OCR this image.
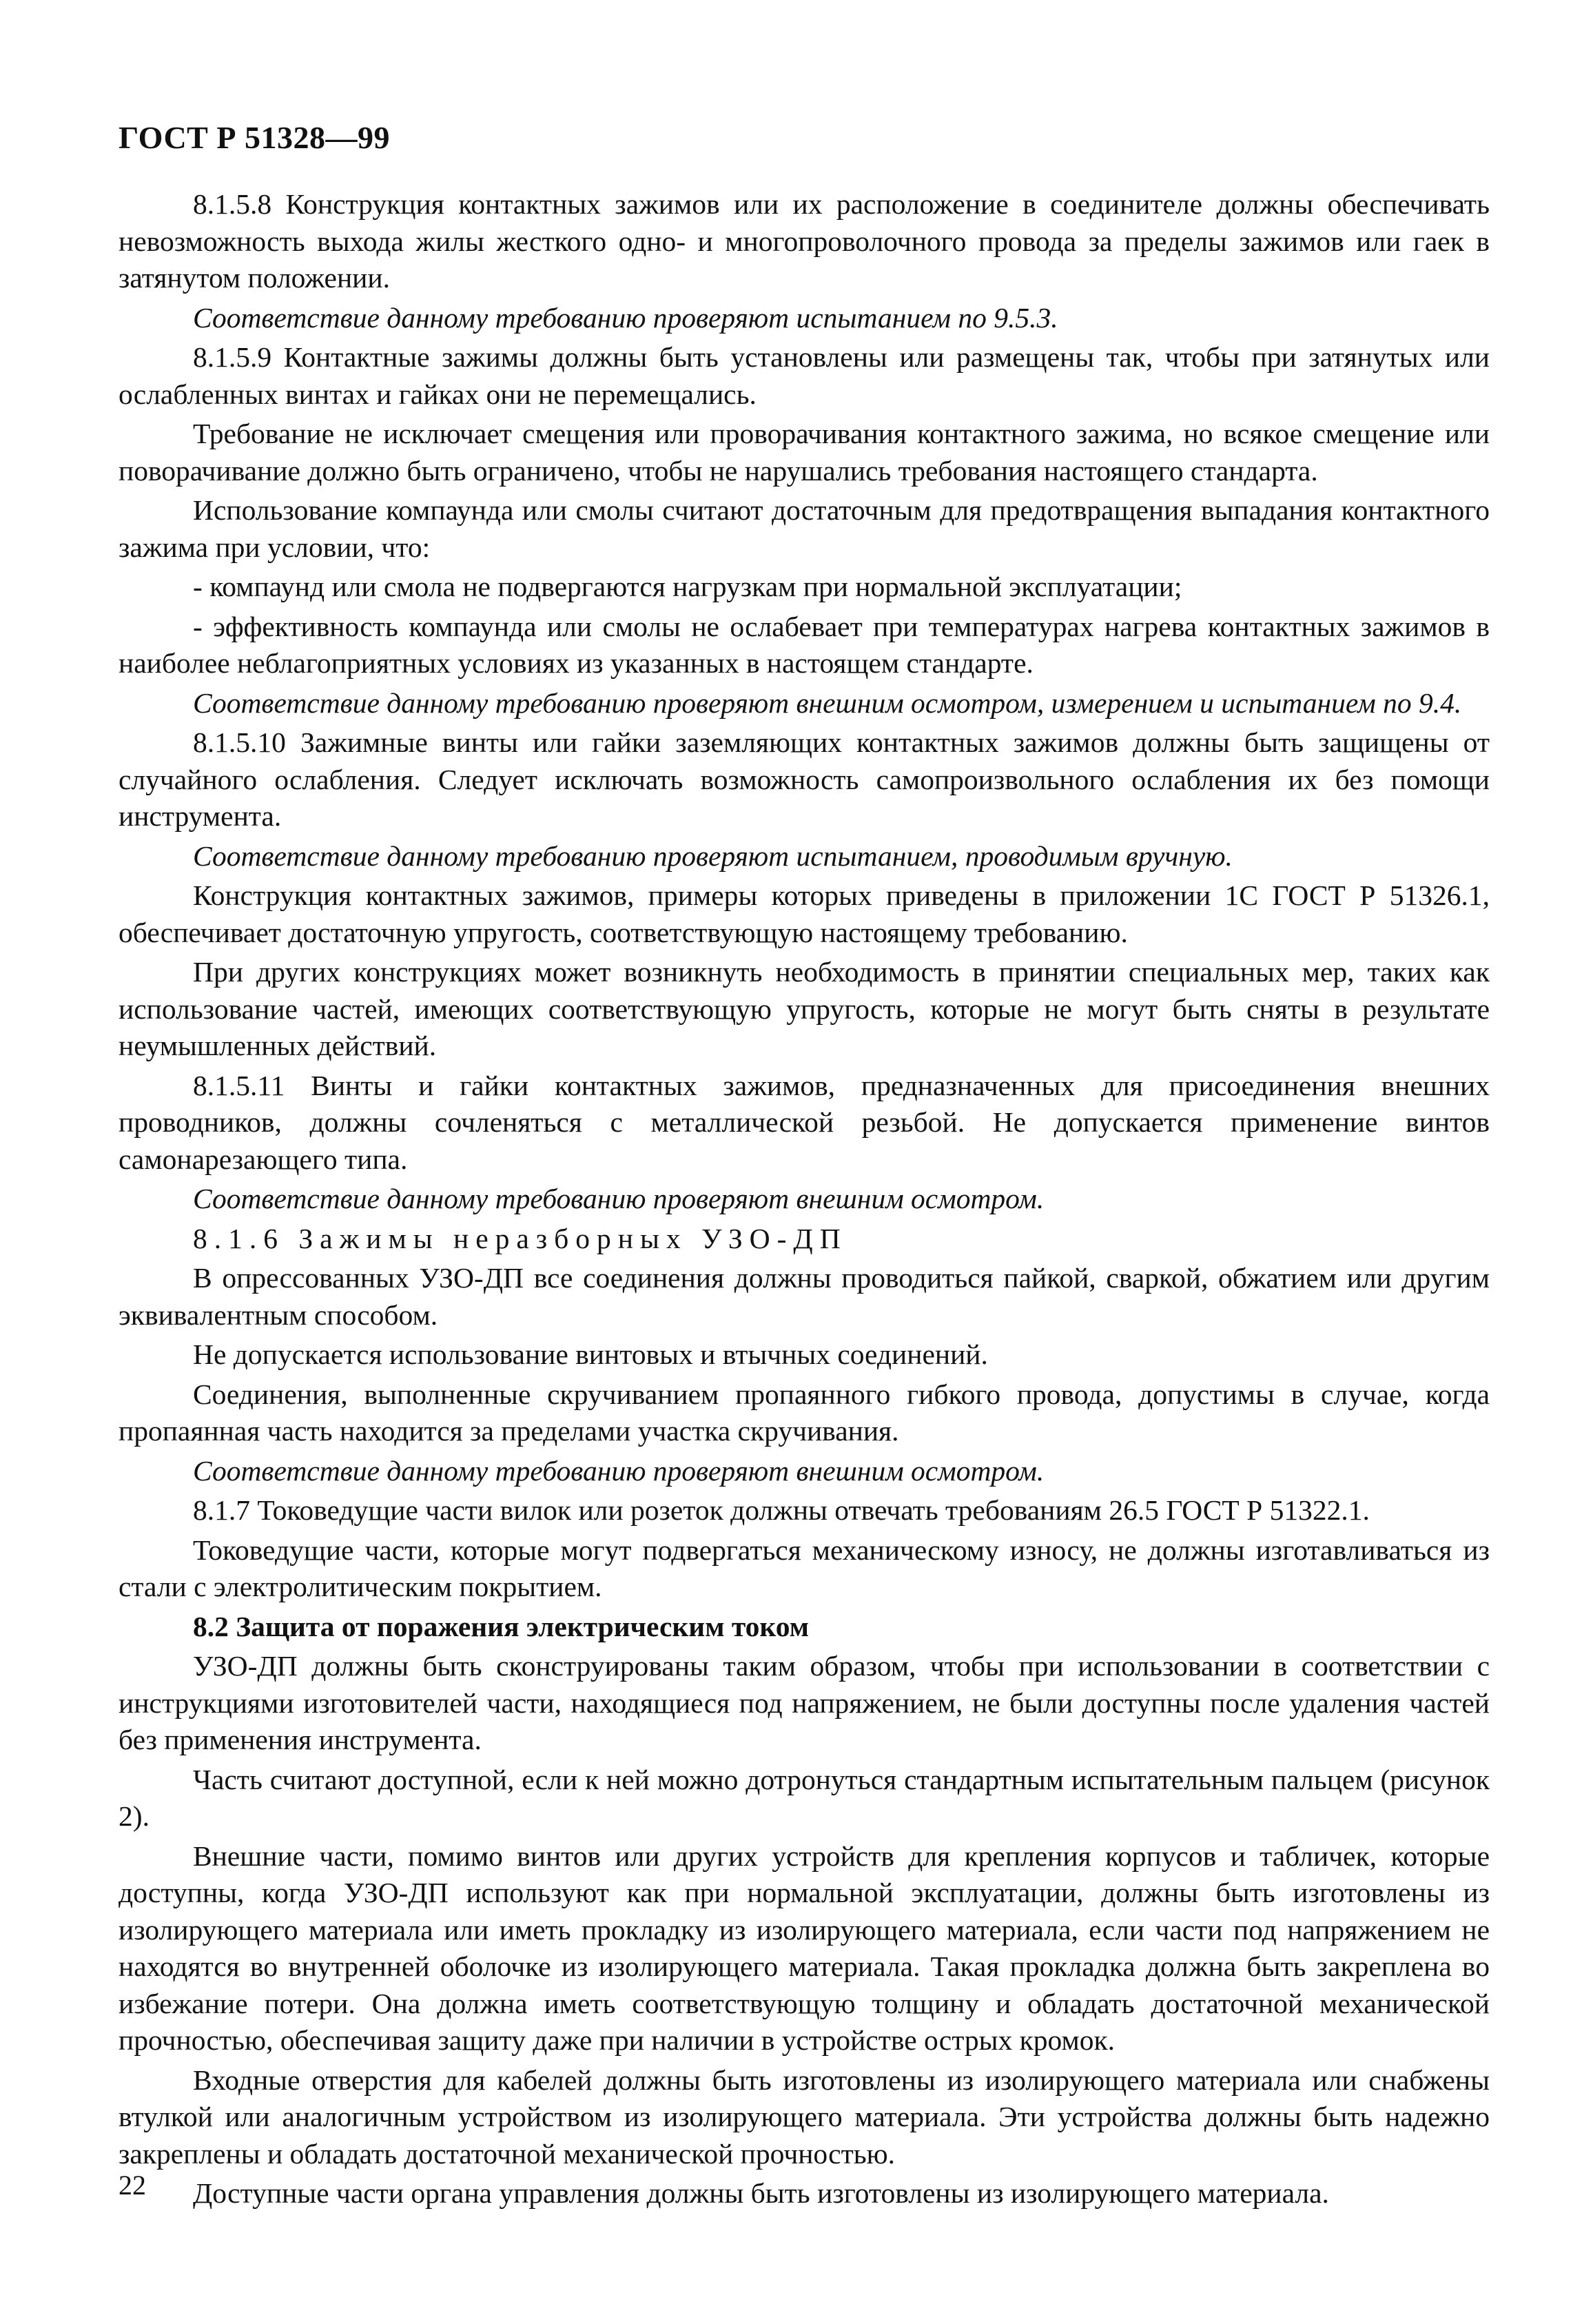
ГОСТ Р 51328—99

8.1.5.8 Конструкция контактных зажимов или их расположение в соединителе должны обеспечивать невозможность выхода жилы жесткого одно- и многопроволочного провода за пределы зажимов или гаек в затянутом положении.

Соответствие данному требованию проверяют испытанием по 9.5.3.

8.1.5.9 Контактные зажимы должны быть установлены или размещены так, чтобы при затянутых или ослабленных винтах и гайках они не перемещались.

Требование не исключает смещения или проворачивания контактного зажима, но всякое смещение или поворачивание должно быть ограничено, чтобы не нарушались требования настоящего стандарта.

Использование компаунда или смолы считают достаточным для предотвращения выпадания контактного зажима при условии, что:

- компаунд или смола не подвергаются нагрузкам при нормальной эксплуатации;

- эффективность компаунда или смолы не ослабевает при температурах нагрева контактных зажимов в наиболее неблагоприятных условиях из указанных в настоящем стандарте.

Соответствие данному требованию проверяют внешним осмотром, измерением и испытанием по 9.4.

8.1.5.10 Зажимные винты или гайки заземляющих контактных зажимов должны быть защищены от случайного ослабления. Следует исключать возможность самопроизвольного ослабления их без помощи инструмента.

Соответствие данному требованию проверяют испытанием, проводимым вручную.

Конструкция контактных зажимов, примеры которых приведены в приложении 1С ГОСТ Р 51326.1, обеспечивает достаточную упругость, соответствующую настоящему требованию.

При других конструкциях может возникнуть необходимость в принятии специальных мер, таких как использование частей, имеющих соответствующую упругость, которые не могут быть сняты в результате неумышленных действий.

8.1.5.11 Винты и гайки контактных зажимов, предназначенных для присоединения внешних проводников, должны сочленяться с металлической резьбой. Не допускается применение винтов самонарезающего типа.

Соответствие данному требованию проверяют внешним осмотром.

8.1.6 Зажимы неразборных УЗО-ДП

В опрессованных УЗО-ДП все соединения должны проводиться пайкой, сваркой, обжатием или другим эквивалентным способом.

Не допускается использование винтовых и втычных соединений.

Соединения, выполненные скручиванием пропаянного гибкого провода, допустимы в случае, когда пропаянная часть находится за пределами участка скручивания.

Соответствие данному требованию проверяют внешним осмотром.

8.1.7 Токоведущие части вилок или розеток должны отвечать требованиям 26.5 ГОСТ Р 51322.1.

Токоведущие части, которые могут подвергаться механическому износу, не должны изготавливаться из стали с электролитическим покрытием.

8.2 Защита от поражения электрическим током

УЗО-ДП должны быть сконструированы таким образом, чтобы при использовании в соответствии с инструкциями изготовителей части, находящиеся под напряжением, не были доступны после удаления частей без применения инструмента.

Часть считают доступной, если к ней можно дотронуться стандартным испытательным пальцем (рисунок 2).

Внешние части, помимо винтов или других устройств для крепления корпусов и табличек, которые доступны, когда УЗО-ДП используют как при нормальной эксплуатации, должны быть изготовлены из изолирующего материала или иметь прокладку из изолирующего материала, если части под напряжением не находятся во внутренней оболочке из изолирующего материала. Такая прокладка должна быть закреплена во избежание потери. Она должна иметь соответствующую толщину и обладать достаточной механической прочностью, обеспечивая защиту даже при наличии в устройстве острых кромок.

Входные отверстия для кабелей должны быть изготовлены из изолирующего материала или снабжены втулкой или аналогичным устройством из изолирующего материала. Эти устройства должны быть надежно закреплены и обладать достаточной механической прочностью.

Доступные части органа управления должны быть изготовлены из изолирующего материала.

22
